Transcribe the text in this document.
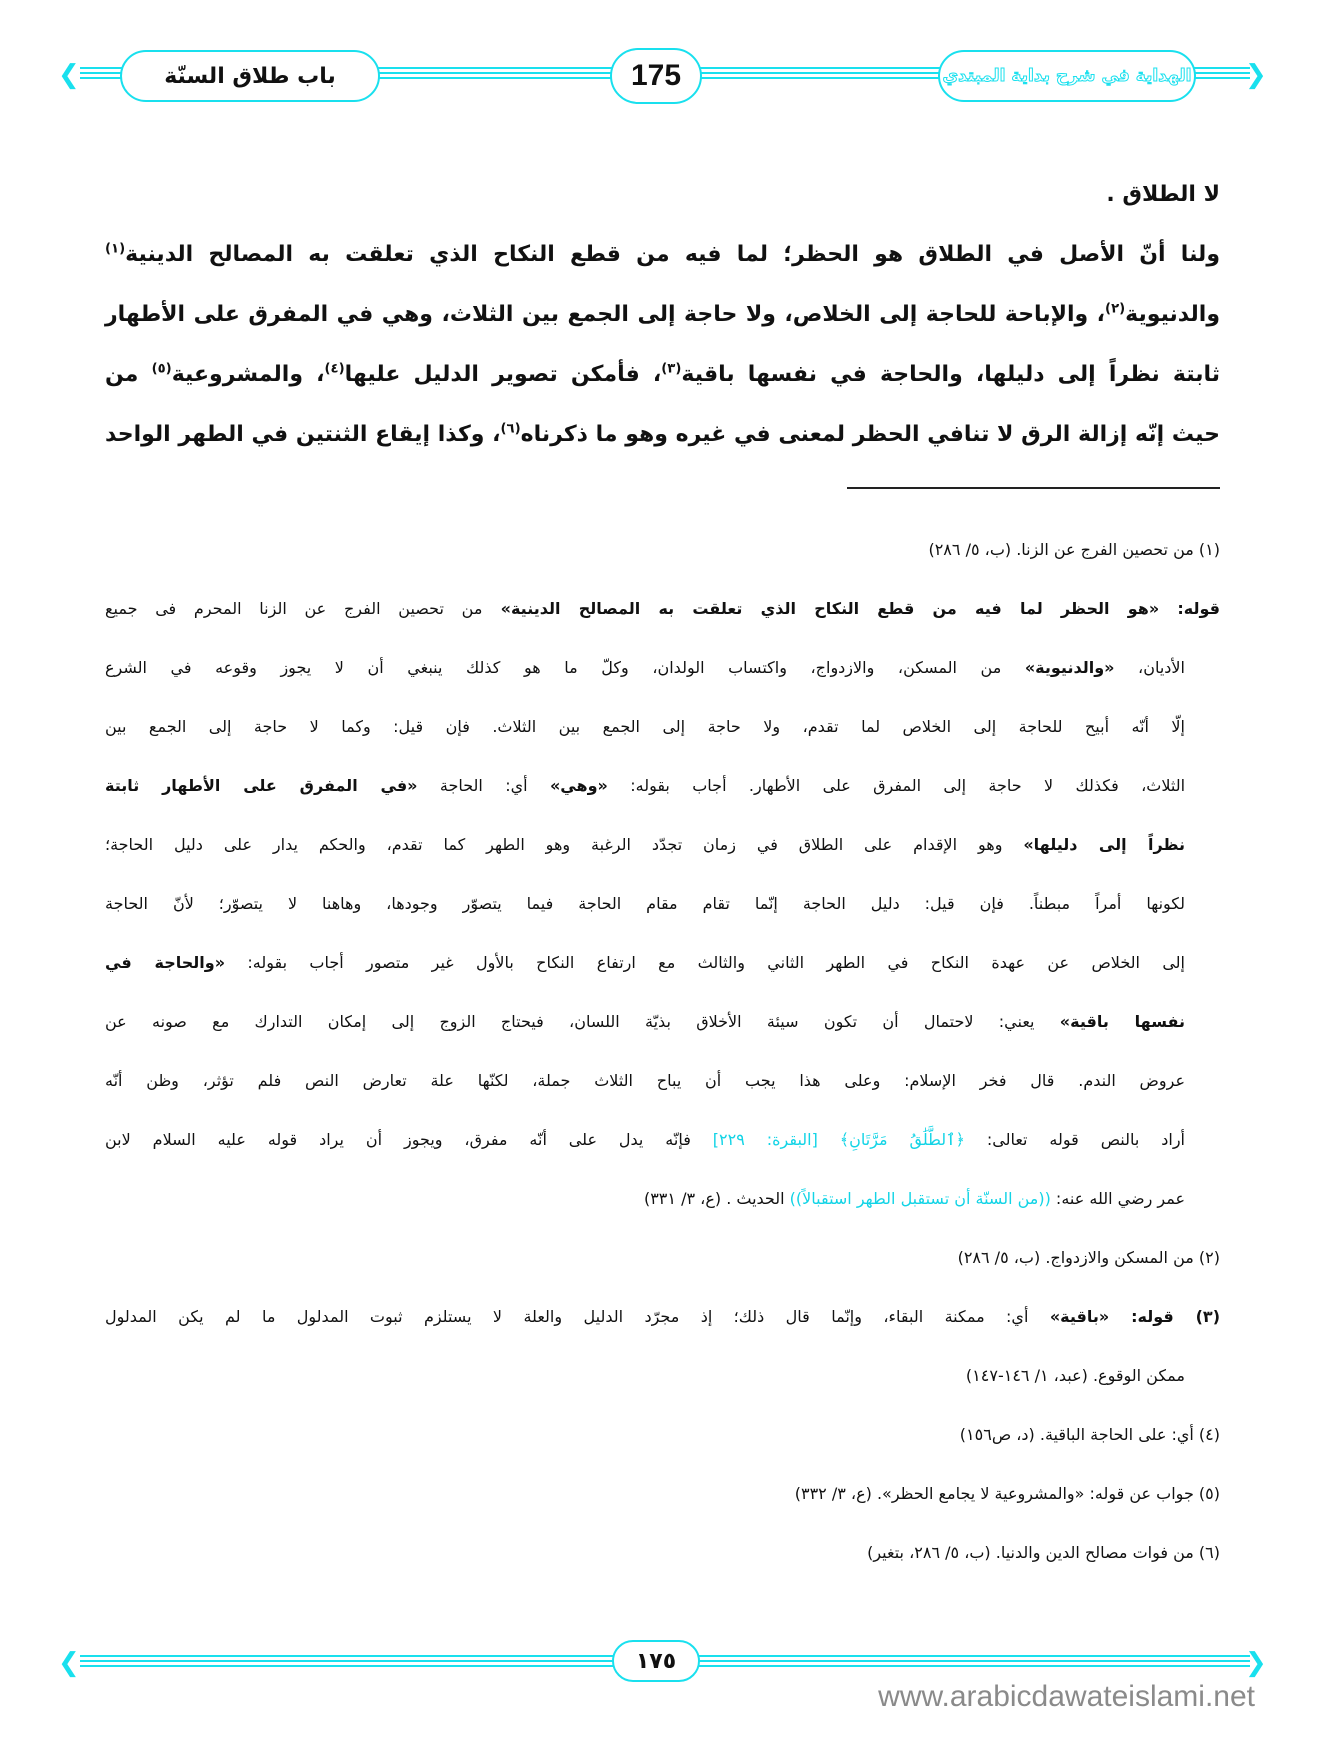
❮	❯
باب طلاق السنّة	175	الهداية في شرح بداية المبتدي
لا الطلاق .
ولنا أنّ الأصل في الطلاق هو الحظر؛ لما فيه من قطع النكاح الذي تعلقت به المصالح الدينية$^{(١)}$
والدنيوية$^{(٢)}$، والإباحة للحاجة إلى الخلاص، ولا حاجة إلى الجمع بين الثلاث، وهي في المفرق على الأطهار
ثابتة نظراً إلى دليلها، والحاجة في نفسها باقية$^{(٣)}$، فأمكن تصوير الدليل عليها$^{(٤)}$، والمشروعية$^{(٥)}$ من
حيث إنّه إزالة الرق لا تنافي الحظر لمعنى في غيره وهو ما ذكرناه$^{(٦)}$، وكذا إيقاع الثنتين في الطهر الواحد
(١) من تحصين الفرج عن الزنا. (ب، ٥/ ٢٨٦)
قوله: «هو الحظر لما فيه من قطع النكاح الذي تعلقت به المصالح الدينية» من تحصين الفرج عن الزنا المحرم فى جميع
الأديان، «والدنيوية» من المسكن، والازدواج، واكتساب الولدان، وكلّ ما هو كذلك ينبغي أن لا يجوز وقوعه في الشرع
إلّا أنّه أبيح للحاجة إلى الخلاص لما تقدم، ولا حاجة إلى الجمع بين الثلاث. فإن قيل: وكما لا حاجة إلى الجمع بين
الثلاث، فكذلك لا حاجة إلى المفرق على الأطهار. أجاب بقوله: «وهي» أي: الحاجة «في المفرق على الأطهار ثابتة
نظراً إلى دليلها» وهو الإقدام على الطلاق في زمان تجدّد الرغبة وهو الطهر كما تقدم، والحكم يدار على دليل الحاجة؛
لكونها أمراً مبطناً. فإن قيل: دليل الحاجة إنّما تقام مقام الحاجة فيما يتصوّر وجودها، وهاهنا لا يتصوّر؛ لأنّ الحاجة
إلى الخلاص عن عهدة النكاح في الطهر الثاني والثالث مع ارتفاع النكاح بالأول غير متصور أجاب بقوله: «والحاجة في
نفسها باقية» يعني: لاحتمال أن تكون سيئة الأخلاق بذيّة اللسان، فيحتاج الزوج إلى إمكان التدارك مع صونه عن
عروض الندم. قال فخر الإسلام: وعلى هذا يجب أن يباح الثلاث جملة، لكنّها علة تعارض النص فلم تؤثر، وظن أنّه
أراد بالنص قوله تعالى: ﴿ٱلطَّلَٰقُ مَرَّتَانِ﴾ [البقرة: ٢٢٩] فإنّه يدل على أنّه مفرق، ويجوز أن يراد قوله عليه السلام لابن
عمر رضي الله عنه: ((من السنّة أن تستقبل الطهر استقبالاً)) الحديث . (ع، ٣/ ٣٣١)
(٢) من المسكن والازدواج. (ب، ٥/ ٢٨٦)
(٣) قوله: «باقية» أي: ممكنة البقاء، وإنّما قال ذلك؛ إذ مجرّد الدليل والعلة لا يستلزم ثبوت المدلول ما لم يكن المدلول
ممكن الوقوع. (عبد، ١/ ١٤٦-١٤٧)
(٤) أي: على الحاجة الباقية. (د، ص١٥٦)
(٥) جواب عن قوله: «والمشروعية لا يجامع الحظر». (ع، ٣/ ٣٣٢)
(٦) من فوات مصالح الدين والدنيا. (ب، ٥/ ٢٨٦، بتغير)
❮	❯
١٧٥
www.arabicdawateislami.net
